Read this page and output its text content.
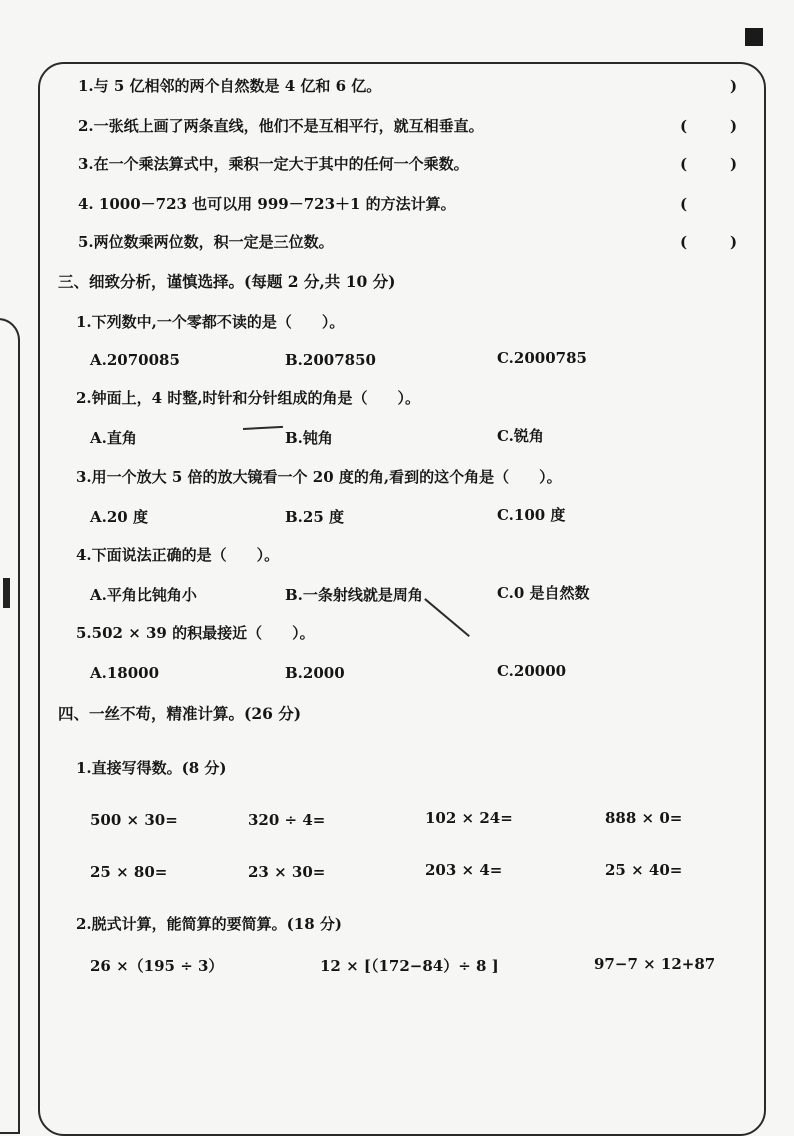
1.与 5 亿相邻的两个自然数是 4 亿和 6 亿。	)
2.一张纸上画了两条直线，他们不是互相平行，就互相垂直。	(	)
3.在一个乘法算式中，乘积一定大于其中的任何一个乘数。	(	)
4. 1000－723 也可以用 999－723＋1 的方法计算。	(
5.两位数乘两位数，积一定是三位数。	(	)
三、细致分析，谨慎选择。(每题 2 分,共 10 分)
1.下列数中,一个零都不读的是（　　）。
A.2070085	B.2007850	C.2000785
2.钟面上，4 时整,时针和分针组成的角是（　　）。
A.直角	B.钝角	C.锐角
3.用一个放大 5 倍的放大镜看一个 20 度的角,看到的这个角是（　　）。
A.20 度	B.25 度	C.100 度
4.下面说法正确的是（　　）。
A.平角比钝角小	B.一条射线就是周角	C.0 是自然数
5.502 × 39 的积最接近（　　）。
A.18000	B.2000	C.20000
四、一丝不苟，精准计算。(26 分)
1.直接写得数。(8 分)
500 × 30=	320 ÷ 4=	102 × 24=	888 × 0=
25 × 80=	23 × 30=	203 × 4=	25 × 40=
2.脱式计算，能简算的要简算。(18 分)
26 ×（195 ÷ 3）	12 × [（172−84）÷ 8 ]	97−7 × 12+87
